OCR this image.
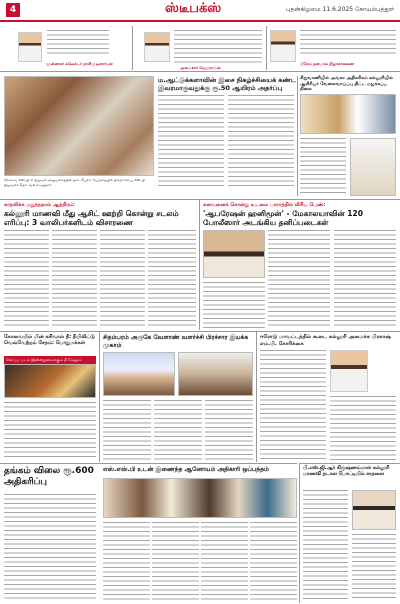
4	ஸ்டீபக்ஸ்	புதன்கிழமை 11.6.2025 கோயம்புத்தூர்
முன்னாள் கலெக்டர் நாசிமுடினாவன்
அமைச்சர் ஜெயராமன்
பிரேம் தனபால் நிழாகர்கணை
கோவை எஸ்.பி.சி நிறுவன அலுவலகத்தில் நடைபெற்ற பேருதையில் நிகழ்ச்சியை எஸ்.பி. நிறுவனர் தொடங்கி வைத்தார்.
ம.ஆட்டுக்களாவின் இசை நிகழ்ச்சியைக் கண்ட இவரமாகுவதுக்கு ரூ.50 ஆயிரம் அதர்ப்பு
சிறுவாணியில் அங்கா அதிகரிகம் கல்லூரியில் ஆசிரியர் வேலைவாய்ப்பு திட்ட மதுக்கப்ப நிலை
காதலிக்க மறுத்ததால் ஆத்திரம்:
கல்லூரி மாணவி மீது ஆசிட் ஊற்றி கொன்று சடலம் எரிப்பு: 3 வாலிபர்களிடம் விசாரணை
கனவனைக் கொன்று உடலை பாராத்தில் வீசிய பெண்:
'ஆபரேஷன் ஹனிமூன்' - மேகாலயாவின் 120 போலீஸார் அடங்கிய தனிப்படைகள்
கோவையில் மின் கசிவால் தீ: தீயிலிட்டு வெவ்வேற்றம் சேதம்: பொதுமக்கள்
கோப்பு படம் இன்னதுமைக்கும் தீ மேலும்
சிதம்பரம் அருகே வேளாண் வளர்ச்சி பிரச்சார இயக்க முகாம்
ஈரோடு மாவட்டத்தில் கூடை கல்லூரி அமைக்க பிரகாஷ் எம்.பி. கோரிக்கை
எஸ்.எஸ்.பி உடன் இணைந்த ஆனோயம் அதிகாரி ஒப்பந்தம்
தங்கம் விலை ரூ.600 அதிகரிப்பு
பி.எஸ்.ஜி.ஆர் கிருஷ்ணம்மாள் கல்லூரி மாணவி தடகள போட்டியில் சாதனை
